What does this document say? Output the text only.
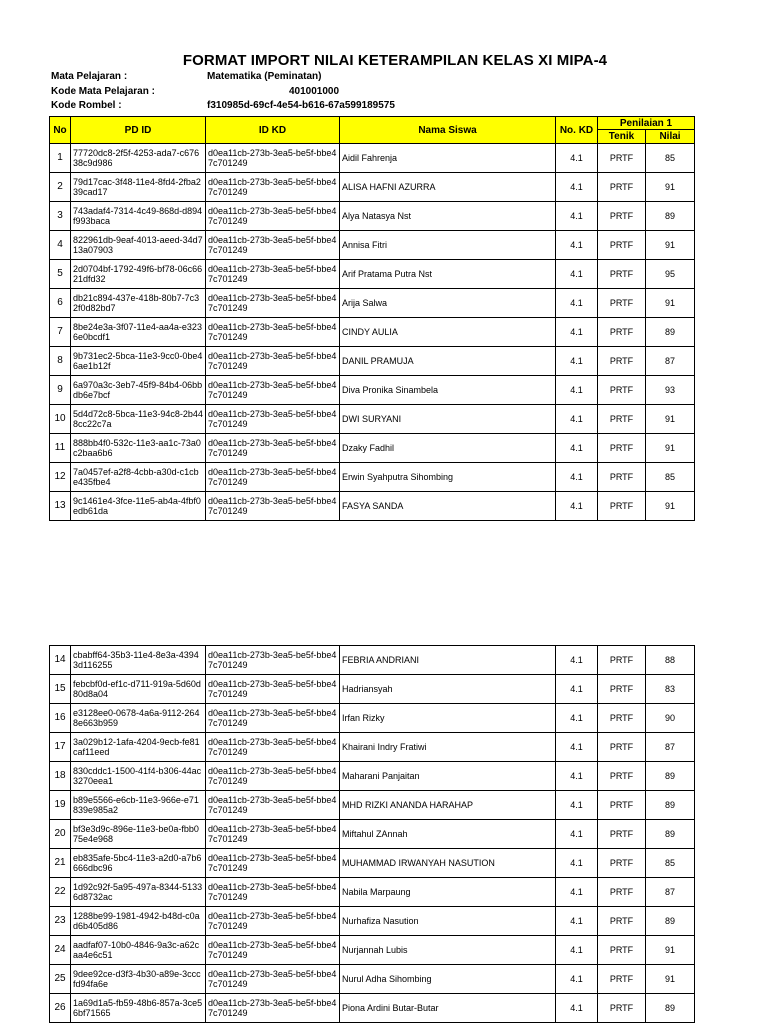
FORMAT IMPORT NILAI KETERAMPILAN KELAS XI MIPA-4
Mata Pelajaran :	Matematika (Peminatan)
Kode Mata Pelajaran :	401001000
Kode Rombel :	f310985d-69cf-4e54-b616-67a599189575
No	PD ID	ID KD	Nama Siswa	No. KD	Penilaian 1	
					Tenik	Nilai
1	77720dc8-2f5f-4253-ada7-c67638c9d986	d0ea11cb-273b-3ea5-be5f-bbe47c701249	Aidil Fahrenja	4.1	PRTF	85
2	79d17cac-3f48-11e4-8fd4-2fba239cad17	d0ea11cb-273b-3ea5-be5f-bbe47c701249	ALISA HAFNI AZURRA	4.1	PRTF	91
3	743adaf4-7314-4c49-868d-d894f993baca	d0ea11cb-273b-3ea5-be5f-bbe47c701249	Alya Natasya Nst	4.1	PRTF	89
4	822961db-9eaf-4013-aeed-34d713a07903	d0ea11cb-273b-3ea5-be5f-bbe47c701249	Annisa Fitri	4.1	PRTF	91
5	2d0704bf-1792-49f6-bf78-06c6621dfd32	d0ea11cb-273b-3ea5-be5f-bbe47c701249	Arif Pratama Putra Nst	4.1	PRTF	95
6	db21c894-437e-418b-80b7-7c32f0d82bd7	d0ea11cb-273b-3ea5-be5f-bbe47c701249	Arija Salwa	4.1	PRTF	91
7	8be24e3a-3f07-11e4-aa4a-e3236e0bcdf1	d0ea11cb-273b-3ea5-be5f-bbe47c701249	CINDY AULIA	4.1	PRTF	89
8	9b731ec2-5bca-11e3-9cc0-0be46ae1b12f	d0ea11cb-273b-3ea5-be5f-bbe47c701249	DANIL PRAMUJA	4.1	PRTF	87
9	6a970a3c-3eb7-45f9-84b4-06bbdb6e7bcf	d0ea11cb-273b-3ea5-be5f-bbe47c701249	Diva Pronika Sinambela	4.1	PRTF	93
10	5d4d72c8-5bca-11e3-94c8-2b448cc22c7a	d0ea11cb-273b-3ea5-be5f-bbe47c701249	DWI SURYANI	4.1	PRTF	91
11	888bb4f0-532c-11e3-aa1c-73a0c2baa6b6	d0ea11cb-273b-3ea5-be5f-bbe47c701249	Dzaky Fadhil	4.1	PRTF	91
12	7a0457ef-a2f8-4cbb-a30d-c1cbe435fbe4	d0ea11cb-273b-3ea5-be5f-bbe47c701249	Erwin Syahputra Sihombing	4.1	PRTF	85
13	9c1461e4-3fce-11e5-ab4a-4fbf0edb61da	d0ea11cb-273b-3ea5-be5f-bbe47c701249	FASYA SANDA	4.1	PRTF	91
14	cbabff64-35b3-11e4-8e3a-43943d116255	d0ea11cb-273b-3ea5-be5f-bbe47c701249	FEBRIA ANDRIANI	4.1	PRTF	88
15	febcbf0d-ef1c-d711-919a-5d60d80d8a04	d0ea11cb-273b-3ea5-be5f-bbe47c701249	Hadriansyah	4.1	PRTF	83
16	e3128ee0-0678-4a6a-9112-2648e663b959	d0ea11cb-273b-3ea5-be5f-bbe47c701249	Irfan Rizky	4.1	PRTF	90
17	3a029b12-1afa-4204-9ecb-fe81caf11eed	d0ea11cb-273b-3ea5-be5f-bbe47c701249	Khairani Indry Fratiwi	4.1	PRTF	87
18	830cddc1-1500-41f4-b306-44ac3270eea1	d0ea11cb-273b-3ea5-be5f-bbe47c701249	Maharani Panjaitan	4.1	PRTF	89
19	b89e5566-e6cb-11e3-966e-e71839e985a2	d0ea11cb-273b-3ea5-be5f-bbe47c701249	MHD RIZKI ANANDA HARAHAP	4.1	PRTF	89
20	bf3e3d9c-896e-11e3-be0a-fbb075e4e968	d0ea11cb-273b-3ea5-be5f-bbe47c701249	Miftahul ZAnnah	4.1	PRTF	89
21	eb835afe-5bc4-11e3-a2d0-a7b6666dbc96	d0ea11cb-273b-3ea5-be5f-bbe47c701249	MUHAMMAD IRWANYAH NASUTION	4.1	PRTF	85
22	1d92c92f-5a95-497a-8344-51336d8732ac	d0ea11cb-273b-3ea5-be5f-bbe47c701249	Nabila Marpaung	4.1	PRTF	87
23	1288be99-1981-4942-b48d-c0ad6b405d86	d0ea11cb-273b-3ea5-be5f-bbe47c701249	Nurhafiza Nasution	4.1	PRTF	89
24	aadfaf07-10b0-4846-9a3c-a62caa4e6c51	d0ea11cb-273b-3ea5-be5f-bbe47c701249	Nurjannah Lubis	4.1	PRTF	91
25	9dee92ce-d3f3-4b30-a89e-3cccfd94fa6e	d0ea11cb-273b-3ea5-be5f-bbe47c701249	Nurul Adha Sihombing	4.1	PRTF	91
26	1a69d1a5-fb59-48b6-857a-3ce56bf71565	d0ea11cb-273b-3ea5-be5f-bbe47c701249	Piona Ardini Butar-Butar	4.1	PRTF	89
